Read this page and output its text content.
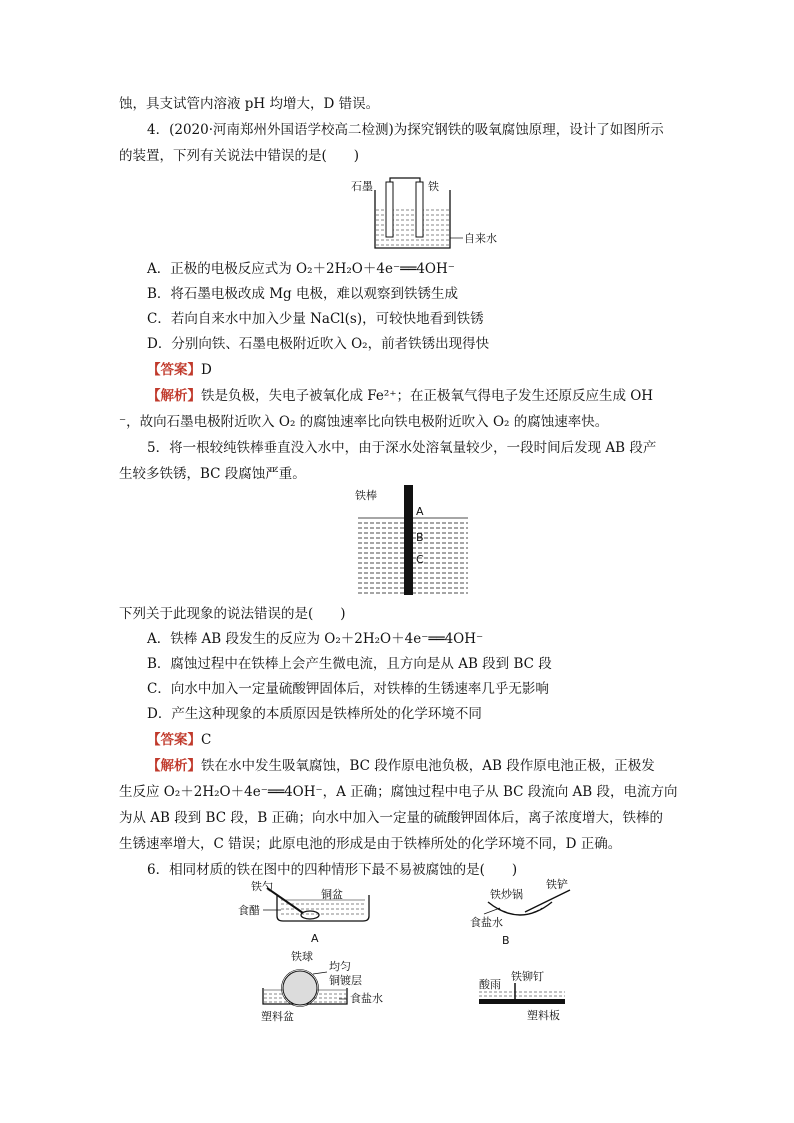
蚀，具支试管内溶液 pH 均增大，D 错误。
4．(2020·河南郑州外国语学校高二检测)为探究钢铁的吸氧腐蚀原理，设计了如图所示
的装置，下列有关说法中错误的是(　　)
石墨	铁
自来水
A．正极的电极反应式为 O₂＋2H₂O＋4e⁻══4OH⁻
B．将石墨电极改成 Mg 电极，难以观察到铁锈生成
C．若向自来水中加入少量 NaCl(s)，可较快地看到铁锈
D．分别向铁、石墨电极附近吹入 O₂，前者铁锈出现得快
【答案】D
【解析】铁是负极，失电子被氧化成 Fe²⁺；在正极氧气得电子发生还原反应生成 OH
⁻，故向石墨电极附近吹入 O₂ 的腐蚀速率比向铁电极附近吹入 O₂ 的腐蚀速率快。
5．将一根较纯铁棒垂直没入水中，由于深水处溶氧量较少，一段时间后发现 AB 段产
生较多铁锈，BC 段腐蚀严重。
铁棒
A
B
C
下列关于此现象的说法错误的是(　　)
A．铁棒 AB 段发生的反应为 O₂＋2H₂O＋4e⁻══4OH⁻
B．腐蚀过程中在铁棒上会产生微电流，且方向是从 AB 段到 BC 段
C．向水中加入一定量硫酸钾固体后，对铁棒的生锈速率几乎无影响
D．产生这种现象的本质原因是铁棒所处的化学环境不同
【答案】C
【解析】铁在水中发生吸氧腐蚀，BC 段作原电池负极，AB 段作原电池正极，正极发
生反应 O₂＋2H₂O＋4e⁻══4OH⁻，A 正确；腐蚀过程中电子从 BC 段流向 AB 段，电流方向
为从 AB 段到 BC 段，B 正确；向水中加入一定量的硫酸钾固体后，离子浓度增大，铁棒的
生锈速率增大，C 错误；此原电池的形成是由于铁棒所处的化学环境不同，D 正确。
6．相同材质的铁在图中的四种情形下最不易被腐蚀的是(　　)
铁勺
铜盆
食醋
A
铁炒锅
铁铲
食盐水
B
铁球
均匀
铜镀层
食盐水
塑料盆
酸雨
铁铆钉
塑料板
